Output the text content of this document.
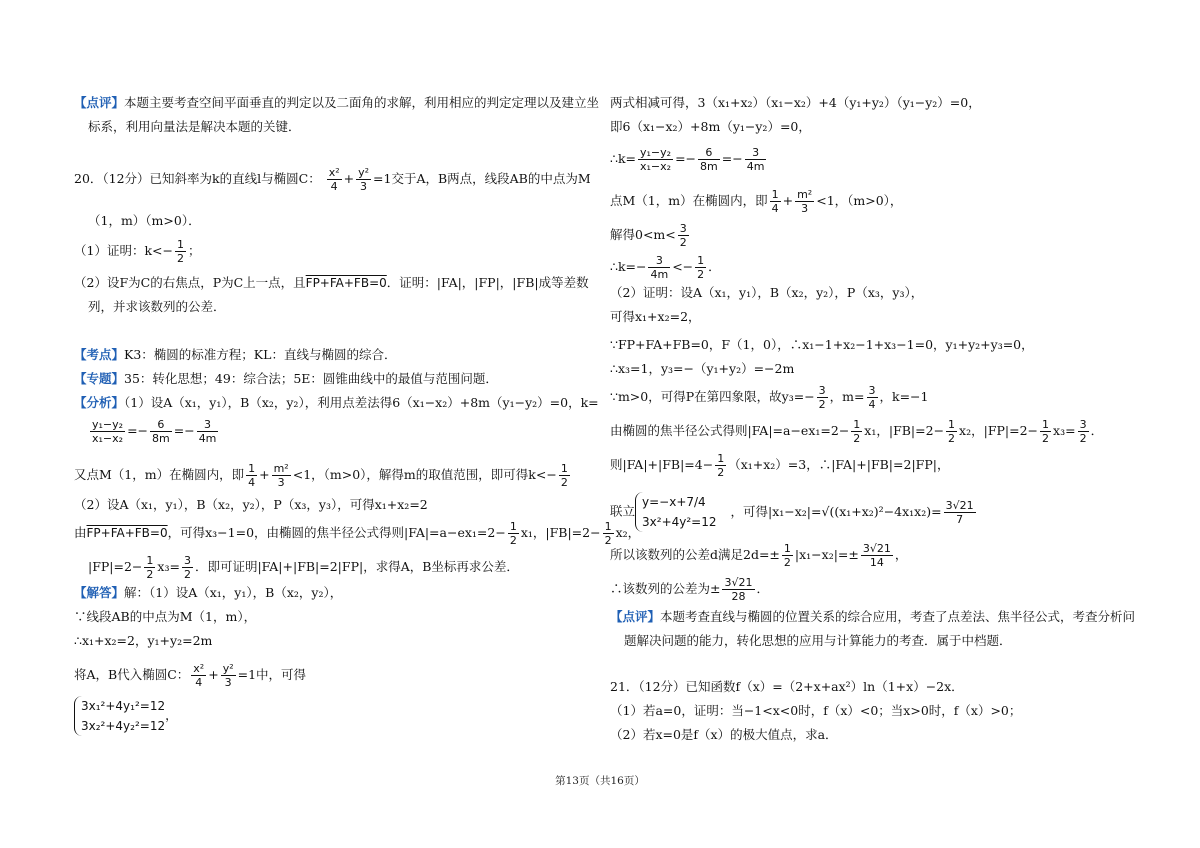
【点评】本题主要考查空间平面垂直的判定以及二面角的求解，利用相应的判定定理以及建立坐
标系，利用向量法是解决本题的关键．
20．（12分）已知斜率为k的直线l与椭圆C： $\frac{\text{x²}}{4} + \frac{\text{y²}}{3} =1$交于A，B两点，线段AB的中点为M
（1，m）（m>0）．
（1）证明：$k<- \frac{1}{2}$ ；
（2）设F为C的右焦点，P为C上一点，且FP+FA+FB=0．证明：|FA|，|FP|，|FB|成等差数
列，并求该数列的公差．
【考点】K3：椭圆的标准方程；KL：直线与椭圆的综合．
【专题】35：转化思想；49：综合法；5E：圆锥曲线中的最值与范围问题．
【分析】（1）设A（x₁，y₁），B（x₂，y₂），利用点差法得6（x₁−x₂）+8m（y₁−y₂）=0，k=
$\frac{\text{y₁−y₂}}{\text{x₁−x₂}} =- \frac{6}{8m} =- \frac{3}{4m}$
又点M（1，m）在椭圆内，即 $\frac{1}{4} + \frac{\text{m²}}{3} <1$，（m>0），解得m的取值范围，即可得$k<- \frac{1}{2}$
（2）设A（x₁，y₁），B（x₂，y₂），P（x₃，y₃），可得x₁+x₂=2
由FP+FA+FB=0，可得x₃−1=0，由椭圆的焦半径公式得则$|FA|=a-ex_1=2- \frac{1}{2} x_1$，$|FB|=2- \frac{1}{2} x_2$，
$|FP|=2- \frac{1}{2} x_3= \frac{3}{2}$ ．即可证明|FA|+|FB|=2|FP|，求得A，B坐标再求公差．
【解答】解：（1）设A（x₁，y₁），B（x₂，y₂），
∵线段AB的中点为M（1，m），
∴x₁+x₂=2，y₁+y₂=2m
将A，B代入椭圆C： $\frac{\text{x²}}{4} + \frac{\text{y²}}{3} =1$中，可得
3x₁²+4y₁²=12
3x₂²+4y₂²=12
，
两式相减可得，3（x₁+x₂）（x₁−x₂）+4（y₁+y₂）（y₁−y₂）=0，
即6（x₁−x₂）+8m（y₁−y₂）=0，
∴k= $\frac{\text{y₁−y₂}}{\text{x₁−x₂}} =- \frac{6}{8m} =- \frac{3}{4m}$
点M（1，m）在椭圆内，即 $\frac{1}{4} + \frac{\text{m²}}{3} <1$，（m>0），
解得$0<m< \frac{3}{2}$
∴k=− $\frac{3}{4m} <- \frac{1}{2}$ ．
（2）证明：设A（x₁，y₁），B（x₂，y₂），P（x₃，y₃），
可得x₁+x₂=2，
∵FP+FA+FB=0，F（1，0），∴x₁−1+x₂−1+x₃−1=0，y₁+y₂+y₃=0，
∴x₃=1，y₃=−（y₁+y₂）=−2m
∵m>0，可得P在第四象限，故$y_3=- \frac{3}{2}$ ，$m= \frac{3}{4}$ ，k=−1
由椭圆的焦半径公式得则$|FA|=a-ex_1=2- \frac{1}{2} x_1$，$|FB|=2- \frac{1}{2} x_2$，$|FP|=2- \frac{1}{2} x_3= \frac{3}{2}$ ．
则$|FA|+|FB|=4- \frac{1}{2} (x_1+x_2)=3$，∴|FA|+|FB|=2|FP|，
联立
y=−x+7/4
3x²+4y²=12
，可得$|x_1-x_2|=√((x_1+x_2)^2-4x_1x_2)= \frac{3√21}{7}$
所以该数列的公差d满足$2d=\pm \frac{1}{2} |x_1-x_2|=\pm \frac{3√21}{14}$ ，
∴该数列的公差为± $\frac{3√21}{28}$ ．
【点评】本题考查直线与椭圆的位置关系的综合应用，考查了点差法、焦半径公式，考查分析问
题解决问题的能力，转化思想的应用与计算能力的考查．属于中档题．
21．（12分）已知函数f（x）=（2+x+ax²）ln（1+x）−2x．
（1）若a=0，证明：当−1<x<0时，f（x）<0；当x>0时，f（x）>0；
（2）若x=0是f（x）的极大值点，求a．
第13页（共16页）
